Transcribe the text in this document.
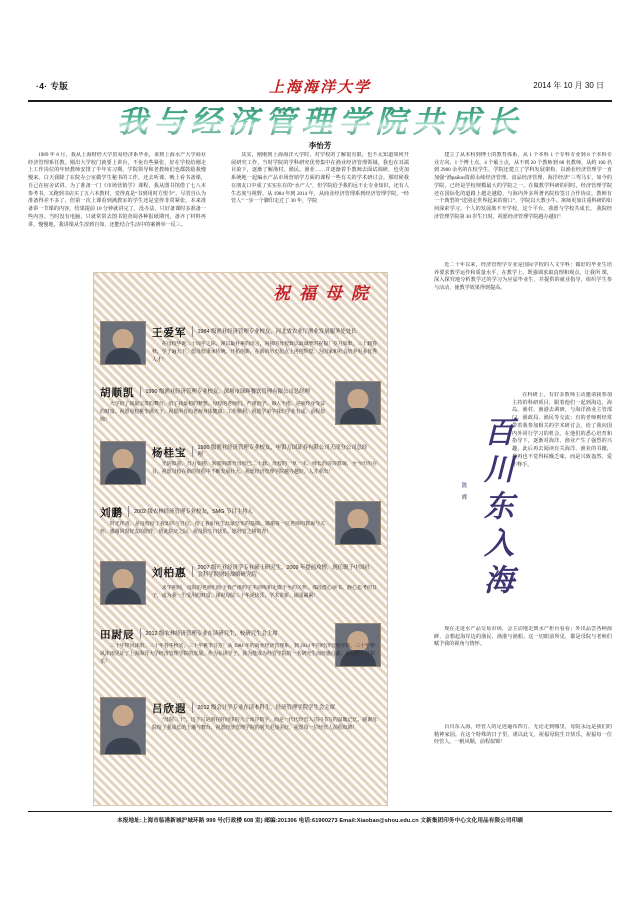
·4· 专版	上海海洋大学	2014 年 10 月 30 日
我与经济管理学院共成长
李怡芳

1989 年 6 月，我从上海财经大学贸易经济系毕业，来到上海水产大学商业经济管理系任教。刚出大学校门就要上讲台，不免有些紧张，好在学校给刚走上工作岗位的年轻教师安排了半年实习期，学院领导和老教师们也都鼓励我慢慢来。白天我除了在院办公室做学生秘书的工作，还去听课，晚上看书备课，自己在宿舍试讲。为了准备一门《市场营销学》课程，我从图书馆借了七八本参考书，又跑到书店买了五六本教材，觉得真是“书到用时方恨少”。尽管自认为准备得差不多了，但第一次上课看到满教室的学生还是觉得非常紧张。本来准备讲一节课的内容，结果提前 10 分钟就讲完了，没办法，只好备课时多准备一些内容。当时没有电脑，只就常常去图书馆查阅各种报纸期刊，备齐了材料再讲。慢慢地，我讲课从生涩到自如，还能结合生活中的案例举一反三。

其实，刚刚到上海海洋大学时，对学校的了解很有限，也不太知道如何开展研究工作。当时学院的学科研究优势集中在渔业经济管理领域，我也在耳濡目染下，逐渐了解渔村、渔民、渔业……并逐渐着手教师去面试调研，也更加系统地一起编水产品市场营销学方面的课程一些有关的学术研讨会。那时候我在朋友口中成了实实在在的“水产人”，但学院给予我的远不止专业知识，还有人生态度与视野。从 1984 年到 2014 年，从商业经济管理系到经济管理学院，“经管人”一步一个脚印走过了 30 年，学院

建立了从本科到博士的教育体系，从 1 个本科 1 个专科专业到 8 个本科专业方向、1 个博士点、4 个硕士点，从不到 20 个教师到 88 名教师，从约 100 名到 2900 余名的在校学生。学院还建立了学科发展架构，以渔业经济管理学一直加强“渔район资源永续经济管理、食品经济管理、海洋经济”三驾马车，如今的学院，已经是学校规模最大的学院之一。在做教学科研的同时，经济管理学院还在国际化的道路上越走越稳，与海内外多所著名院校签订合作协议，教师有一个典型的“送别走世界起来的窗口”，学院以大教小牛、寓师更加注重科研的如何深索学习。个人的发展离不开学校，这个平台，我愿与学校共成长。 我院经济管理学院第 30 岁生日时，祝愿经济管理学院越办越好！

近二十年以来，经济管理学专业是国际学校的人文学科；做好的毕业生培养要求教学运作和质量水平，在教学上，既强调求取真理和观点，让我所 课，深入探究地分析教学过的学习为应届毕业生，并提供的就业指导，组织学生参与活动，使教学效果得到提高。

在科研上，有好多教师主动邀请我参加主持的科研项目，跟着他们一起到海边、海岛、渔村、渔港去调研，与海洋渔业主管部门、渔政局、渔民等交流；有的老师则经常带着我参加相关的学术研讨会，给了我向国内外同行学习的机会。在他们的悉心培育和指导下，逐渐对海洋、渔业产生了强烈的兴趣，此后再去阅读有关海洋、渔业的书籍，我再也不觉得枯燥乏味，而是兴致盎然、爱不释手。

现在走进水产品交易市场，会主动地走到水产柜台看看；外出品尝各种海鲜，会想起海岸边的渔民、渔港与渔船。这一切眼前所见，都是母院与老师们赋予我的视角与情怀。

百川东入海，经管人的足迹遍布四方。无论走到哪里，母院永远是我们的精神家园。在这个特殊的日子里，谨以此文，祝福母院生日快乐，祝福每一位经管人，一帆风顺，前程似锦！

百川东入海
陈晔
祝福母院
王爱军 1984 级渔业经济管理专业校友，河北省农业厅渔业发展服务处处长
在母校华诞三十周年之际，谨以最朴素的语言，向我的母校致以最诚挚的祝福！岁月如歌，三十载春秋，学子遍天下。愿母校秉承传统，开拓创新，在新的历史起点上再创辉煌，为国家和社会培养更多优秀人才！
胡顺凯 1990 级渔业经济管理专业校友，深圳市绿辉餐饮管理有限公司总经理
大学给了我最宝贵的舞台，给了我最初的梦想。母校的老师们，严谨治学、诲人不倦，是我终身受益的财富。祝愿母校桃李满天下，祝愿所有的老师身体健康、工作顺利，祝愿学弟学妹们学业有成、前程似锦！
杨桂宝 1990 级渔业经济管理专业校友，申银万国证券有限公司天津分公司总经理
光阴似箭，日月如梭，转眼间离开母校已二十载。母校的一草一木、师长的谆谆教诲，至今历历在目。祝愿母校在新的征程中不断发展壮大，祝愿经济管理学院越办越好，人才辈出！
刘鹏 2002 级农林经济管理专业校友，SMG 节目主持人
时光荏苒，是母校给了我知识与自信，给了我职业生涯最坚实的基础。感谢每一位老师的教诲与关怀，感谢同窗好友的陪伴。值此院庆之际，祝母院生日快乐，愿经管之树常青！
刘柏惠 2007 级产业经济学专业硕士研究生，2009 年提前攻博，现任职于中国社会科学院财经战略研究院
求学期间，母院的老师们给予我严谨的学术训练和无微不至的关怀。那段潜心读书、静心思考的日子，成为我一生受用的财富。谨祝母院三十华诞快乐，学术常新、硕果累累！
田尉辰 2012 级农林经济管理专业在读研究生，校研究生会主席
三十年栉风沐雨，三十年春华秋实，三十年桃李芬芳！从 1984 年的商业经济管理系，到 2014 年的经济管理学院，三十年栉风沐雨见证了上海海洋大学经济管理学院的发展。作为在读学子，我为能成为经管学院的一名研究生而倍感自豪。祝母院生日快乐！
吕欣遐 2012 级会计学专业在读本科生，经济管理学院学生会主席
“母院三十”，这不只是刻在时间里的几个冰冷数字，而是一代代经管人共同书写的温暖记忆。感谢母院给了我成长的土壤与舞台，祝愿经济管理学院的明天更加美好，祝愿每一位经管人前程似锦！
本报地址:上海市临港新城沪城环路 999 号(行政楼 608 室) 邮编:201306 电话:61900273 Email:Xiaobao@shou.edu.cn 文新集团印务中心文化用品有限公司印刷
